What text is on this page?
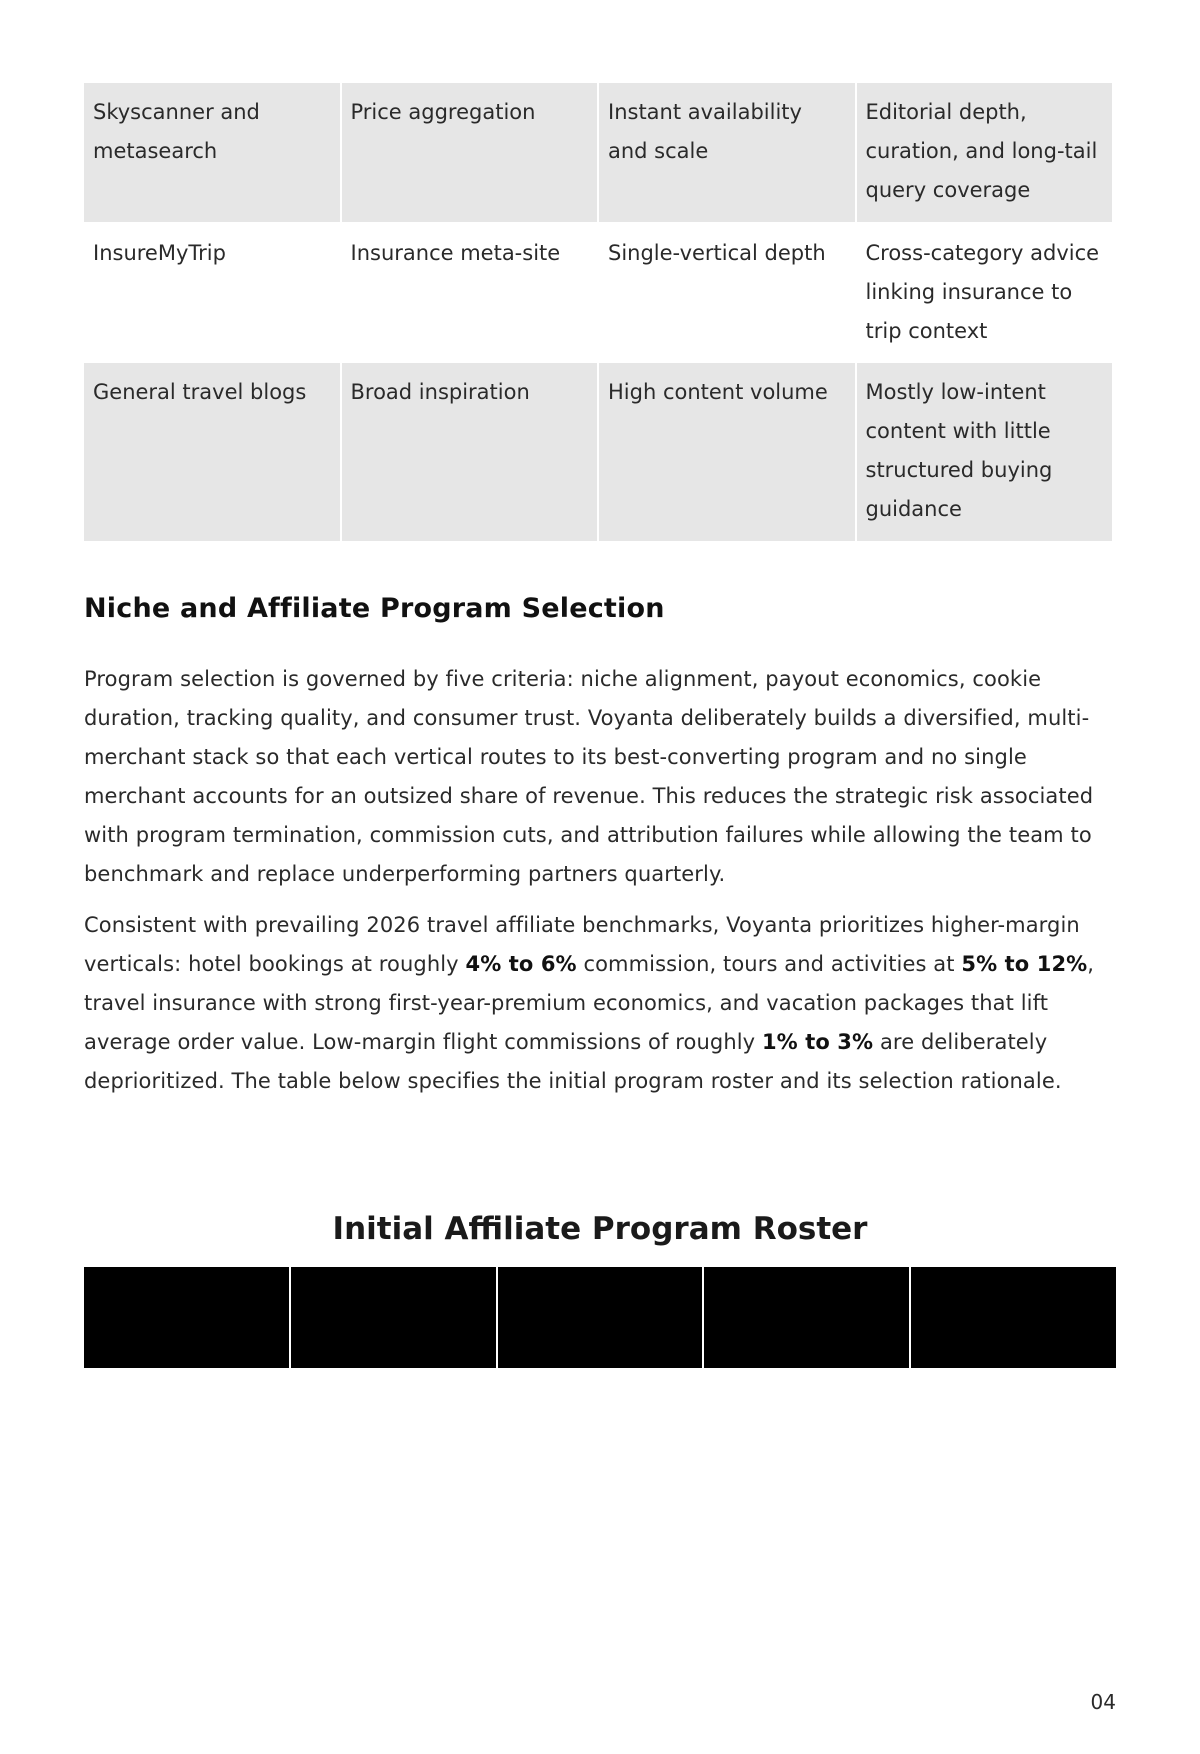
Skyscanner and metasearch	Price aggregation	Instant availability and scale	Editorial depth, curation, and long-tail query coverage
InsureMyTrip	Insurance meta-site	Single-vertical depth	Cross-category advice linking insurance to trip context
General travel blogs	Broad inspiration	High content volume	Mostly low-intent content with little structured buying guidance
Niche and Affiliate Program Selection

Program selection is governed by five criteria: niche alignment, payout economics, cookie duration, tracking quality, and consumer trust. Voyanta deliberately builds a diversified, multi-merchant stack so that each vertical routes to its best-converting program and no single merchant accounts for an outsized share of revenue. This reduces the strategic risk associated with program termination, commission cuts, and attribution failures while allowing the team to benchmark and replace underperforming partners quarterly.

Consistent with prevailing 2026 travel affiliate benchmarks, Voyanta prioritizes higher-margin verticals: hotel bookings at roughly 4% to 6% commission, tours and activities at 5% to 12%, travel insurance with strong first-year-premium economics, and vacation packages that lift average order value. Low-margin flight commissions of roughly 1% to 3% are deliberately deprioritized. The table below specifies the initial program roster and its selection rationale.

Initial Affiliate Program Roster
04
